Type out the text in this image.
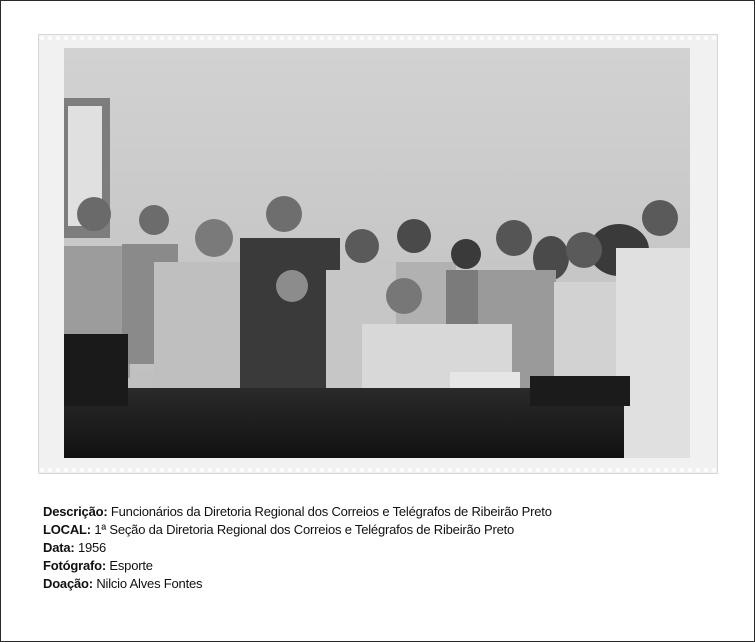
Descrição: Funcionários da Diretoria Regional dos Correios e Telégrafos de Ribeirão Preto
LOCAL: 1ª Seção da Diretoria Regional dos Correios e Telégrafos de Ribeirão Preto
Data: 1956
Fotógrafo: Esporte
Doação: Nilcio Alves Fontes
